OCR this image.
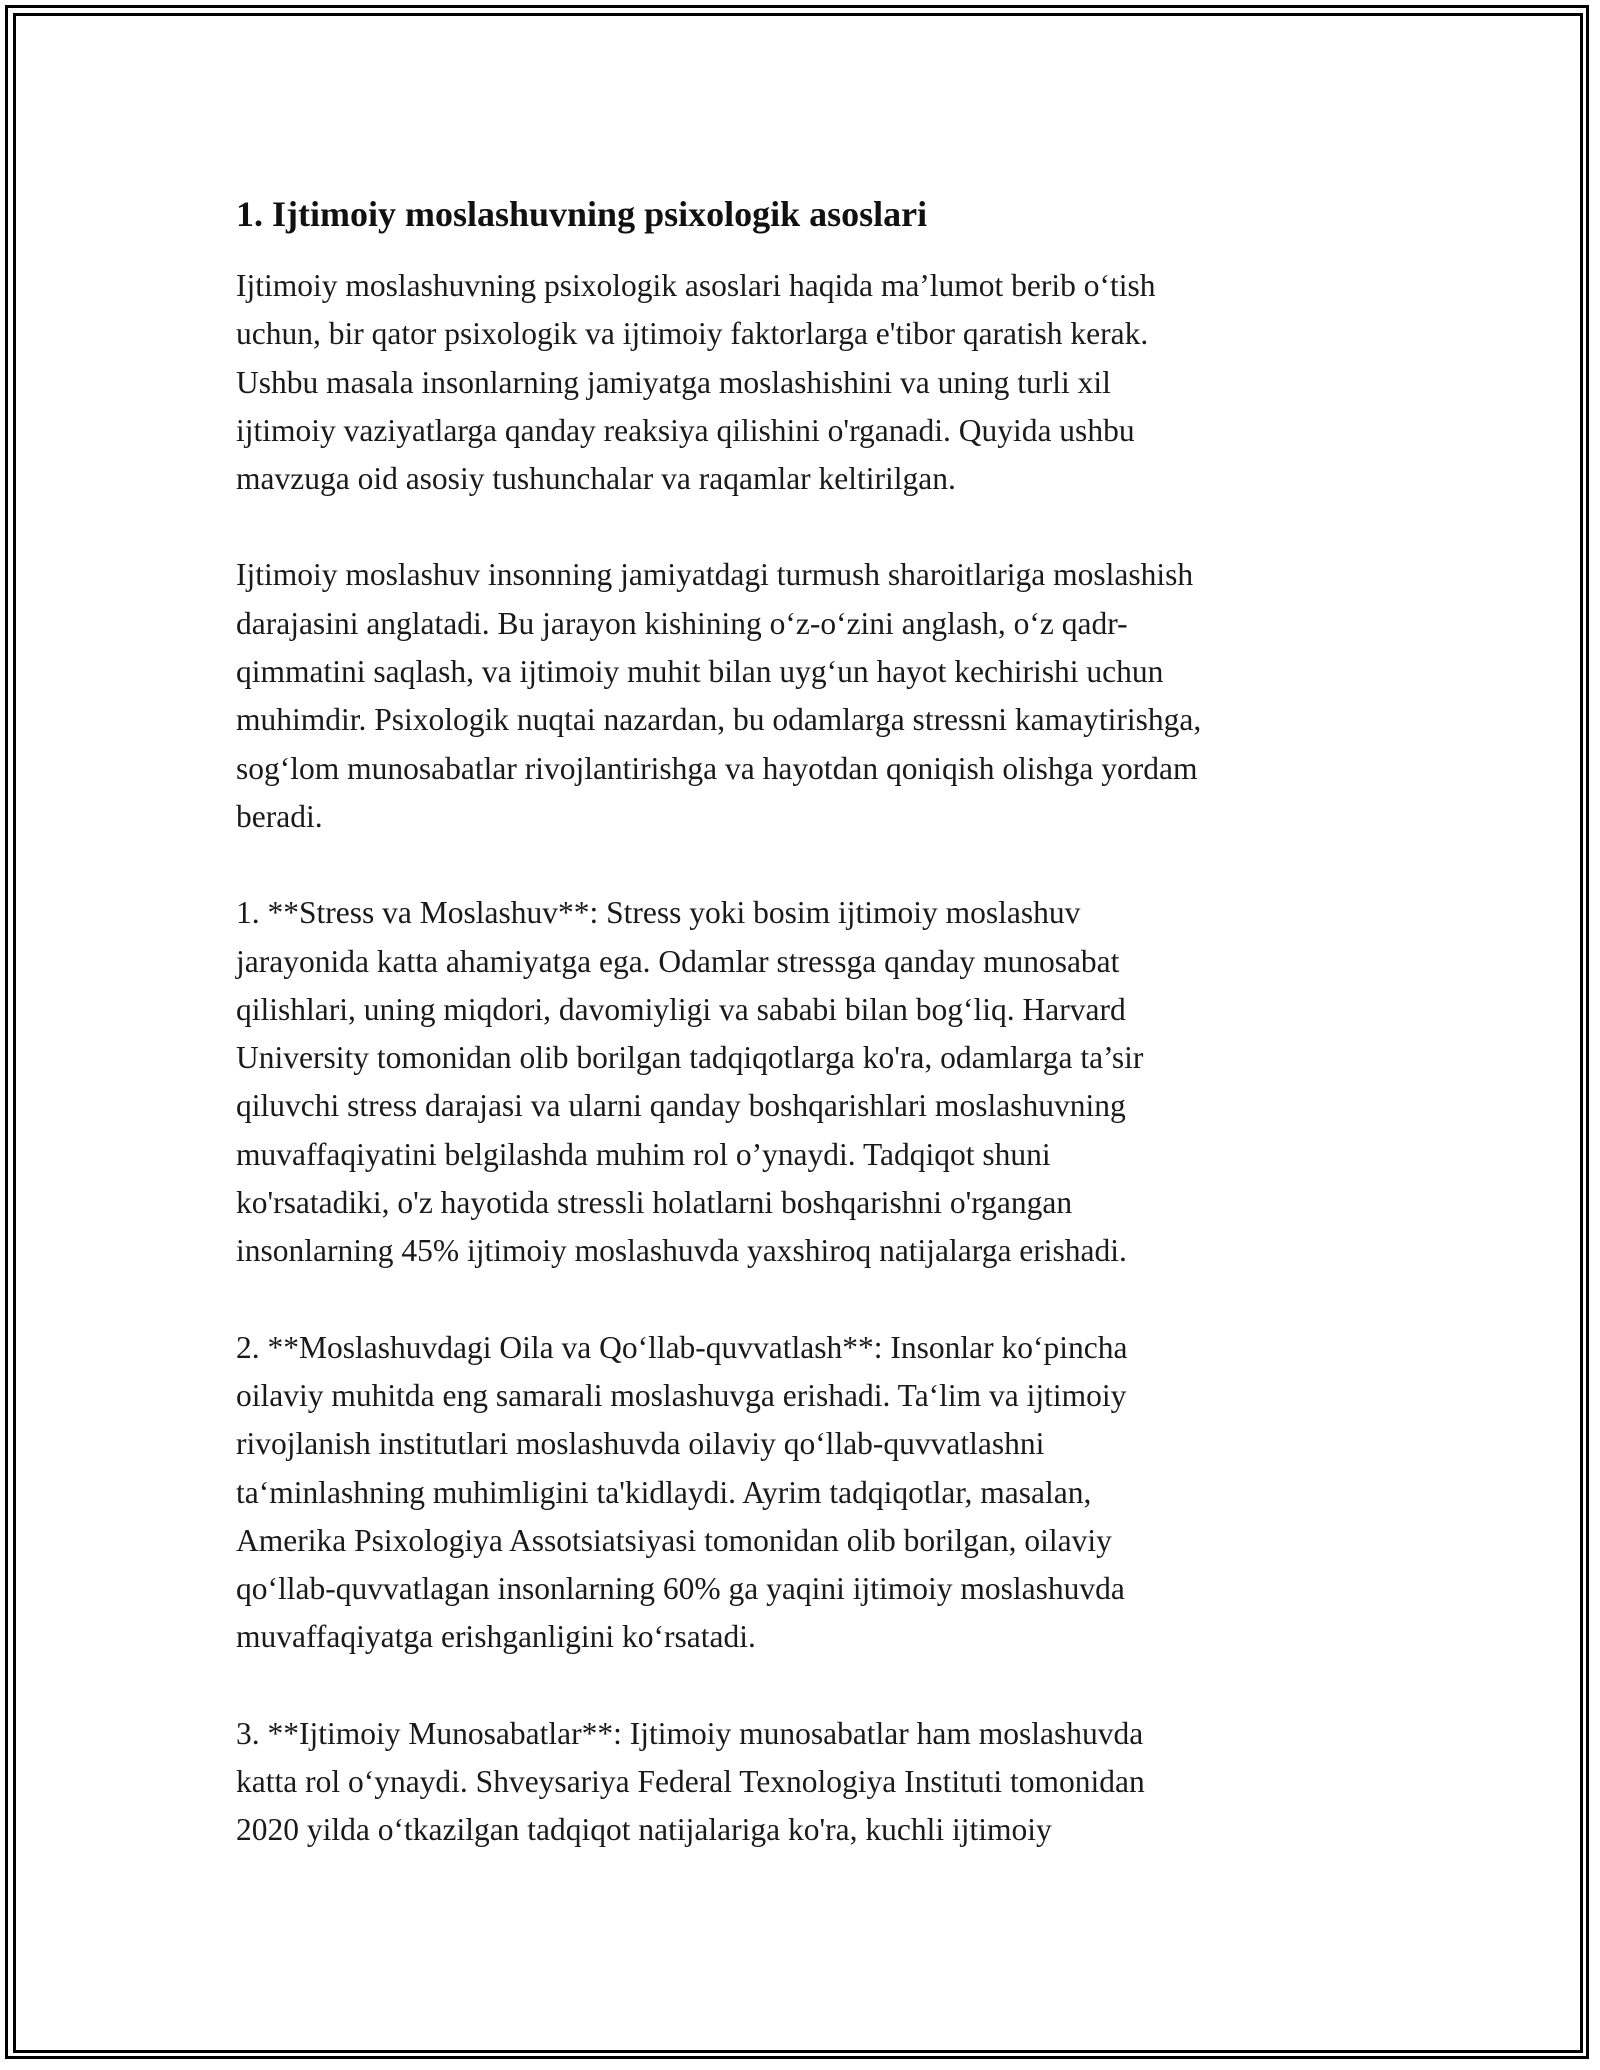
1. Ijtimoiy moslashuvning psixologik asoslari

Ijtimoiy moslashuvning psixologik asoslari haqida ma’lumot berib o‘tish
uchun, bir qator psixologik va ijtimoiy faktorlarga e'tibor qaratish kerak.
Ushbu masala insonlarning jamiyatga moslashishini va uning turli xil
ijtimoiy vaziyatlarga qanday reaksiya qilishini o'rganadi. Quyida ushbu
mavzuga oid asosiy tushunchalar va raqamlar keltirilgan.

Ijtimoiy moslashuv insonning jamiyatdagi turmush sharoitlariga moslashish
darajasini anglatadi. Bu jarayon kishining o‘z-o‘zini anglash, o‘z qadr-
qimmatini saqlash, va ijtimoiy muhit bilan uyg‘un hayot kechirishi uchun
muhimdir. Psixologik nuqtai nazardan, bu odamlarga stressni kamaytirishga,
sog‘lom munosabatlar rivojlantirishga va hayotdan qoniqish olishga yordam
beradi.

1. **Stress va Moslashuv**: Stress yoki bosim ijtimoiy moslashuv
jarayonida katta ahamiyatga ega. Odamlar stressga qanday munosabat
qilishlari, uning miqdori, davomiyligi va sababi bilan bog‘liq. Harvard
University tomonidan olib borilgan tadqiqotlarga ko'ra, odamlarga ta’sir
qiluvchi stress darajasi va ularni qanday boshqarishlari moslashuvning
muvaffaqiyatini belgilashda muhim rol o’ynaydi. Tadqiqot shuni
ko'rsatadiki, o'z hayotida stressli holatlarni boshqarishni o'rgangan
insonlarning 45% ijtimoiy moslashuvda yaxshiroq natijalarga erishadi.

2. **Moslashuvdagi Oila va Qo‘llab-quvvatlash**: Insonlar ko‘pincha
oilaviy muhitda eng samarali moslashuvga erishadi. Ta‘lim va ijtimoiy
rivojlanish institutlari moslashuvda oilaviy qo‘llab-quvvatlashni
ta‘minlashning muhimligini ta'kidlaydi. Ayrim tadqiqotlar, masalan,
Amerika Psixologiya Assotsiatsiyasi tomonidan olib borilgan, oilaviy
qo‘llab-quvvatlagan insonlarning 60% ga yaqini ijtimoiy moslashuvda
muvaffaqiyatga erishganligini ko‘rsatadi.

3. **Ijtimoiy Munosabatlar**: Ijtimoiy munosabatlar ham moslashuvda
katta rol o‘ynaydi. Shveysariya Federal Texnologiya Instituti tomonidan
2020 yilda o‘tkazilgan tadqiqot natijalariga ko'ra, kuchli ijtimoiy
